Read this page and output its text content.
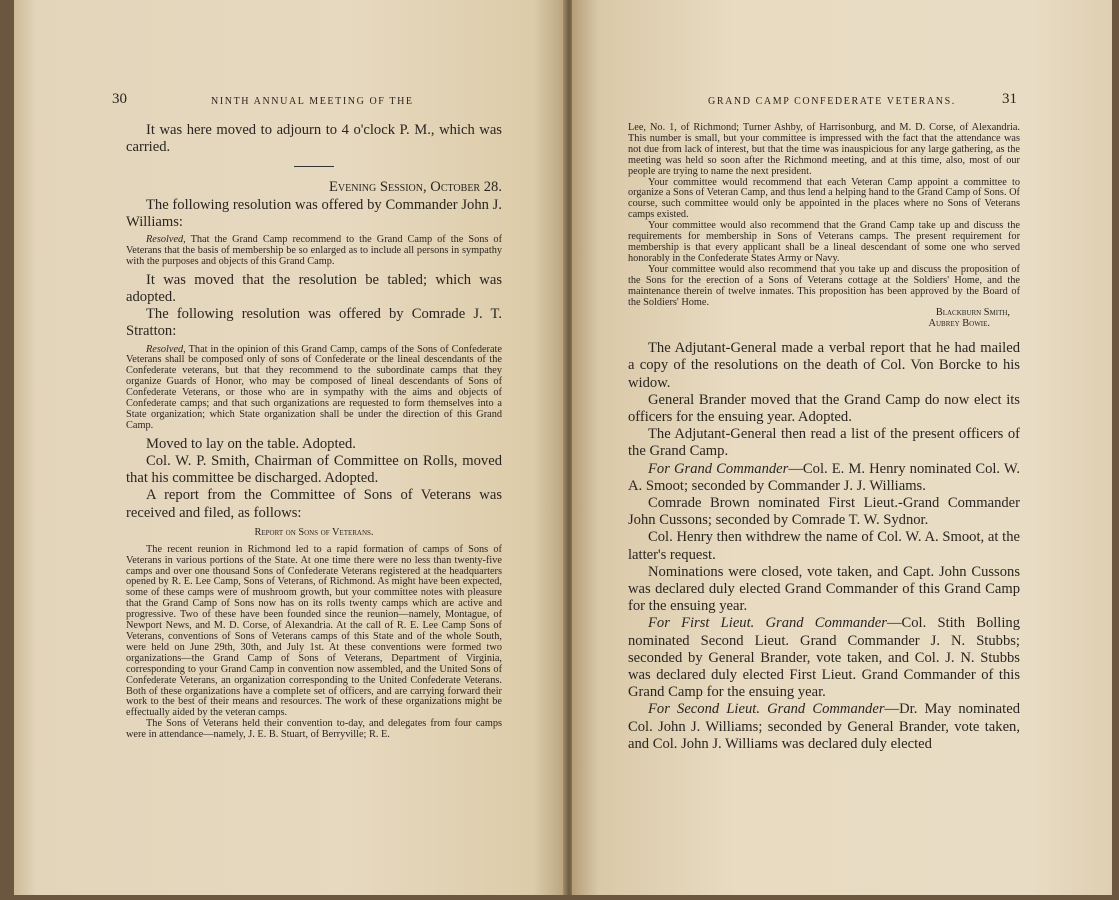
30	NINTH ANNUAL MEETING OF THE

It was here moved to adjourn to 4 o'clock P. M., which was carried.

Evening Session, October 28.

The following resolution was offered by Commander John J. Williams:

Resolved, That the Grand Camp recommend to the Grand Camp of the Sons of Veterans that the basis of membership be so enlarged as to include all persons in sympathy with the purposes and objects of this Grand Camp.

It was moved that the resolution be tabled; which was adopted.

The following resolution was offered by Comrade J. T. Stratton:

Resolved, That in the opinion of this Grand Camp, camps of the Sons of Confederate Veterans shall be composed only of sons of Confederate or the lineal descendants of the Confederate veterans, but that they recommend to the subordinate camps that they organize Guards of Honor, who may be composed of lineal descendants of Sons of Confederate Veterans, or those who are in sympathy with the aims and objects of Confederate camps; and that such organizations are requested to form themselves into a State organization; which State organization shall be under the direction of this Grand Camp.

Moved to lay on the table. Adopted.

Col. W. P. Smith, Chairman of Committee on Rolls, moved that his committee be discharged. Adopted.

A report from the Committee of Sons of Veterans was received and filed, as follows:

Report on Sons of Veterans.

The recent reunion in Richmond led to a rapid formation of camps of Sons of Veterans in various portions of the State. At one time there were no less than twenty-five camps and over one thousand Sons of Confederate Veterans registered at the headquarters opened by R. E. Lee Camp, Sons of Veterans, of Richmond. As might have been expected, some of these camps were of mushroom growth, but your committee notes with pleasure that the Grand Camp of Sons now has on its rolls twenty camps which are active and progressive. Two of these have been founded since the reunion—namely, Montague, of Newport News, and M. D. Corse, of Alexandria. At the call of R. E. Lee Camp Sons of Veterans, conventions of Sons of Veterans camps of this State and of the whole South, were held on June 29th, 30th, and July 1st. At these conventions were formed two organizations—the Grand Camp of Sons of Veterans, Department of Virginia, corresponding to your Grand Camp in convention now assembled, and the United Sons of Confederate Veterans, an organization corresponding to the United Confederate Veterans. Both of these organizations have a complete set of officers, and are carrying forward their work to the best of their means and resources. The work of these organizations might be effectually aided by the veteran camps.

The Sons of Veterans held their convention to-day, and delegates from four camps were in attendance—namely, J. E. B. Stuart, of Berryville; R. E.

GRAND CAMP CONFEDERATE VETERANS.	31

Lee, No. 1, of Richmond; Turner Ashby, of Harrisonburg, and M. D. Corse, of Alexandria. This number is small, but your committee is impressed with the fact that the attendance was not due from lack of interest, but that the time was inauspicious for any large gathering, as the meeting was held so soon after the Richmond meeting, and at this time, also, most of our people are trying to name the next president.

Your committee would recommend that each Veteran Camp appoint a committee to organize a Sons of Veteran Camp, and thus lend a helping hand to the Grand Camp of Sons. Of course, such committee would only be appointed in the places where no Sons of Veterans camps existed.

Your committee would also recommend that the Grand Camp take up and discuss the requirements for membership in Sons of Veterans camps. The present requirement for membership is that every applicant shall be a lineal descendant of some one who served honorably in the Confederate States Army or Navy.

Your committee would also recommend that you take up and discuss the proposition of the Sons for the erection of a Sons of Veterans cottage at the Soldiers' Home, and the maintenance therein of twelve inmates. This proposition has been approved by the Board of the Soldiers' Home.

Blackburn Smith,

Aubrey Bowie.

The Adjutant-General made a verbal report that he had mailed a copy of the resolutions on the death of Col. Von Borcke to his widow.

General Brander moved that the Grand Camp do now elect its officers for the ensuing year. Adopted.

The Adjutant-General then read a list of the present officers of the Grand Camp.

For Grand Commander—Col. E. M. Henry nominated Col. W. A. Smoot; seconded by Commander J. J. Williams.

Comrade Brown nominated First Lieut.-Grand Commander John Cussons; seconded by Comrade T. W. Sydnor.

Col. Henry then withdrew the name of Col. W. A. Smoot, at the latter's request.

Nominations were closed, vote taken, and Capt. John Cussons was declared duly elected Grand Commander of this Grand Camp for the ensuing year.

For First Lieut. Grand Commander—Col. Stith Bolling nominated Second Lieut. Grand Commander J. N. Stubbs; seconded by General Brander, vote taken, and Col. J. N. Stubbs was declared duly elected First Lieut. Grand Commander of this Grand Camp for the ensuing year.

For Second Lieut. Grand Commander—Dr. May nominated Col. John J. Williams; seconded by General Brander, vote taken, and Col. John J. Williams was declared duly elected
